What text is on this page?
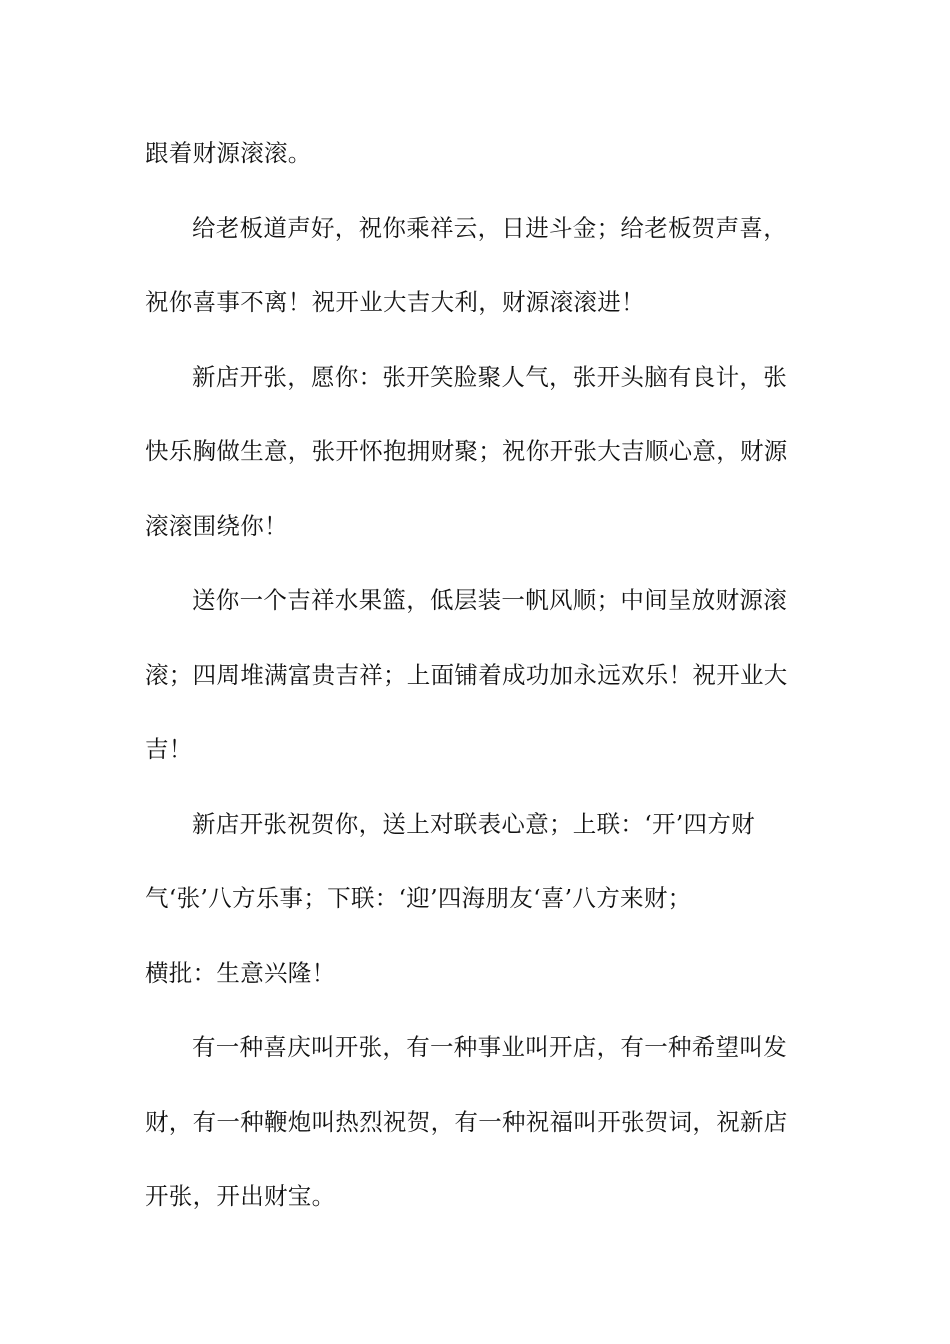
跟着财源滚滚。
给老板道声好，祝你乘祥云，日进斗金；给老板贺声喜，
祝你喜事不离！祝开业大吉大利，财源滚滚进！
新店开张，愿你：张开笑脸聚人气，张开头脑有良计，张
快乐胸做生意，张开怀抱拥财聚；祝你开张大吉顺心意，财源
滚滚围绕你！
送你一个吉祥水果篮，低层装一帆风顺；中间呈放财源滚
滚；四周堆满富贵吉祥；上面铺着成功加永远欢乐！祝开业大
吉！
新店开张祝贺你，送上对联表心意；上联：‘开’四方财
气‘张’八方乐事；下联：‘迎’四海朋友‘喜’八方来财；
横批：生意兴隆！
有一种喜庆叫开张，有一种事业叫开店，有一种希望叫发
财，有一种鞭炮叫热烈祝贺，有一种祝福叫开张贺词，祝新店
开张，开出财宝。
